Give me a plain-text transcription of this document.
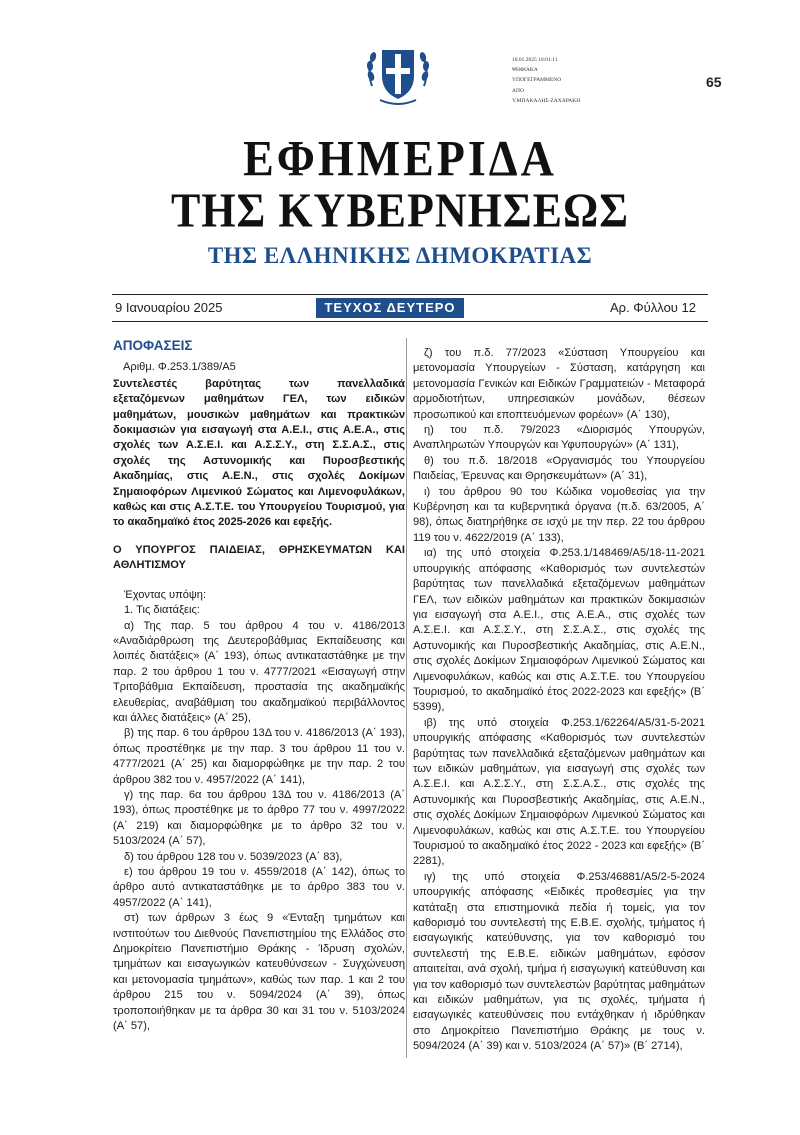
10.01.2025 10:01:11
ΨΗΦΙΑΚΑ
ΥΠΟΓΕΓΡΑΜΜΕΝΟ
ΑΠΟ
Υ.ΜΠΑΚΑΛΗΣ-ΖΑΧΑΡΑΚΗ
65
ΕΦΗΜΕΡΙΔΑ
ΤΗΣ ΚΥΒΕΡΝΗΣΕΩΣ
ΤΗΣ ΕΛΛΗΝΙΚΗΣ ΔΗΜΟΚΡΑΤΙΑΣ
9 Ιανουαρίου 2025	ΤΕΥΧΟΣ ΔΕΥΤΕΡΟ	Αρ. Φύλλου 12

ΑΠΟΦΑΣΕΙΣ

Αριθμ. Φ.253.1/389/Α5

Συντελεστές βαρύτητας των πανελλαδικά εξεταζόμενων μαθημάτων ΓΕΛ, των ειδικών μαθημάτων, μουσικών μαθημάτων και πρακτικών δοκιμασιών για εισαγωγή στα Α.Ε.Ι., στις Α.Ε.Α., στις σχολές των Α.Σ.Ε.Ι. και Α.Σ.Σ.Υ., στη Σ.Σ.Α.Σ., στις σχολές της Αστυνομικής και Πυροσβεστικής Ακαδημίας, στις Α.Ε.Ν., στις σχολές Δοκίμων Σημαιοφόρων Λιμενικού Σώματος και Λιμενοφυλάκων, καθώς και στις Α.Σ.Τ.Ε. του Υπουργείου Τουρισμού, για το ακαδημαϊκό έτος 2025-2026 και εφεξής.

Ο ΥΠΟΥΡΓΟΣ ΠΑΙΔΕΙΑΣ, ΘΡΗΣΚΕΥΜΑΤΩΝ ΚΑΙ ΑΘΛΗΤΙΣΜΟΥ

Έχοντας υπόψη:

1. Τις διατάξεις:

α) Της παρ. 5 του άρθρου 4 του ν. 4186/2013 «Αναδιάρθρωση της Δευτεροβάθμιας Εκπαίδευσης και λοιπές διατάξεις» (Α΄ 193), όπως αντικαταστάθηκε με την παρ. 2 του άρθρου 1 του ν. 4777/2021 «Εισαγωγή στην Τριτοβάθμια Εκπαίδευση, προστασία της ακαδημαϊκής ελευθερίας, αναβάθμιση του ακαδημαϊκού περιβάλλοντος και άλλες διατάξεις» (Α΄ 25),

β) της παρ. 6 του άρθρου 13Δ του ν. 4186/2013 (Α΄ 193), όπως προστέθηκε με την παρ. 3 του άρθρου 11 του ν. 4777/2021 (Α΄ 25) και διαμορφώθηκε με την παρ. 2 του άρθρου 382 του ν. 4957/2022 (Α΄ 141),

γ) της παρ. 6α του άρθρου 13Δ του ν. 4186/2013 (Α΄ 193), όπως προστέθηκε με το άρθρο 77 του ν. 4997/2022 (Α΄ 219) και διαμορφώθηκε με το άρθρο 32 του ν. 5103/2024 (Α΄ 57),

δ) του άρθρου 128 του ν. 5039/2023 (Α΄ 83),

ε) του άρθρου 19 του ν. 4559/2018 (Α΄ 142), όπως το άρθρο αυτό αντικαταστάθηκε με το άρθρο 383 του ν. 4957/2022 (Α΄ 141),

στ) των άρθρων 3 έως 9 «Ένταξη τμημάτων και ινστιτούτων του Διεθνούς Πανεπιστημίου της Ελλάδος στο Δημοκρίτειο Πανεπιστήμιο Θράκης - Ίδρυση σχολών, τμημάτων και εισαγωγικών κατευθύνσεων - Συγχώνευση και μετονομασία τμημάτων», καθώς των παρ. 1 και 2 του άρθρου 215 του ν. 5094/2024 (Α΄ 39), όπως τροποποιήθηκαν με τα άρθρα 30 και 31 του ν. 5103/2024 (Α΄ 57),

ζ) του π.δ. 77/2023 «Σύσταση Υπουργείου και μετονομασία Υπουργείων - Σύσταση, κατάργηση και μετονομασία Γενικών και Ειδικών Γραμματειών - Μεταφορά αρμοδιοτήτων, υπηρεσιακών μονάδων, θέσεων προσωπικού και εποπτευόμενων φορέων» (Α΄ 130),

η) του π.δ. 79/2023 «Διορισμός Υπουργών, Αναπληρωτών Υπουργών και Υφυπουργών» (Α΄ 131),

θ) του π.δ. 18/2018 «Οργανισμός του Υπουργείου Παιδείας, Έρευνας και Θρησκευμάτων» (Α΄ 31),

ι) του άρθρου 90 του Κώδικα νομοθεσίας για την Κυβέρνηση και τα κυβερνητικά όργανα (π.δ. 63/2005, Α΄ 98), όπως διατηρήθηκε σε ισχύ με την περ. 22 του άρθρου 119 του ν. 4622/2019 (Α΄ 133),

ια) της υπό στοιχεία Φ.253.1/148469/Α5/18-11-2021 υπουργικής απόφασης «Καθορισμός των συντελεστών βαρύτητας των πανελλαδικά εξεταζόμενων μαθημάτων ΓΕΛ, των ειδικών μαθημάτων και πρακτικών δοκιμασιών για εισαγωγή στα Α.Ε.Ι., στις Α.Ε.Α., στις σχολές των Α.Σ.Ε.Ι. και Α.Σ.Σ.Υ., στη Σ.Σ.Α.Σ., στις σχολές της Αστυνομικής και Πυροσβεστικής Ακαδημίας, στις Α.Ε.Ν., στις σχολές Δοκίμων Σημαιοφόρων Λιμενικού Σώματος και Λιμενοφυλάκων, καθώς και στις Α.Σ.Τ.Ε. του Υπουργείου Τουρισμού, το ακαδημαϊκό έτος 2022-2023 και εφεξής» (Β΄ 5399),

ιβ) της υπό στοιχεία Φ.253.1/62264/Α5/31-5-2021 υπουργικής απόφασης «Καθορισμός των συντελεστών βαρύτητας των πανελλαδικά εξεταζόμενων μαθημάτων και των ειδικών μαθημάτων, για εισαγωγή στις σχολές των Α.Σ.Ε.Ι. και Α.Σ.Σ.Υ., στη Σ.Σ.Α.Σ., στις σχολές της Αστυνομικής και Πυροσβεστικής Ακαδημίας, στις Α.Ε.Ν., στις σχολές Δοκίμων Σημαιοφόρων Λιμενικού Σώματος και Λιμενοφυλάκων, καθώς και στις Α.Σ.Τ.Ε. του Υπουργείου Τουρισμού το ακαδημαϊκό έτος 2022 - 2023 και εφεξής» (Β΄ 2281),

ιγ) της υπό στοιχεία Φ.253/46881/Α5/2-5-2024 υπουργικής απόφασης «Ειδικές προθεσμίες για την κατάταξη στα επιστημονικά πεδία ή τομείς, για τον καθορισμό του συντελεστή της Ε.Β.Ε. σχολής, τμήματος ή εισαγωγικής κατεύθυνσης, για τον καθορισμό του συντελεστή της Ε.Β.Ε. ειδικών μαθημάτων, εφόσον απαιτείται, ανά σχολή, τμήμα ή εισαγωγική κατεύθυνση και για τον καθορισμό των συντελεστών βαρύτητας μαθημάτων και ειδικών μαθημάτων, για τις σχολές, τμήματα ή εισαγωγικές κατευθύνσεις που εντάχθηκαν ή ιδρύθηκαν στο Δημοκρίτειο Πανεπιστήμιο Θράκης με τους ν. 5094/2024 (Α΄ 39) και ν. 5103/2024 (Α΄ 57)» (Β΄ 2714),
